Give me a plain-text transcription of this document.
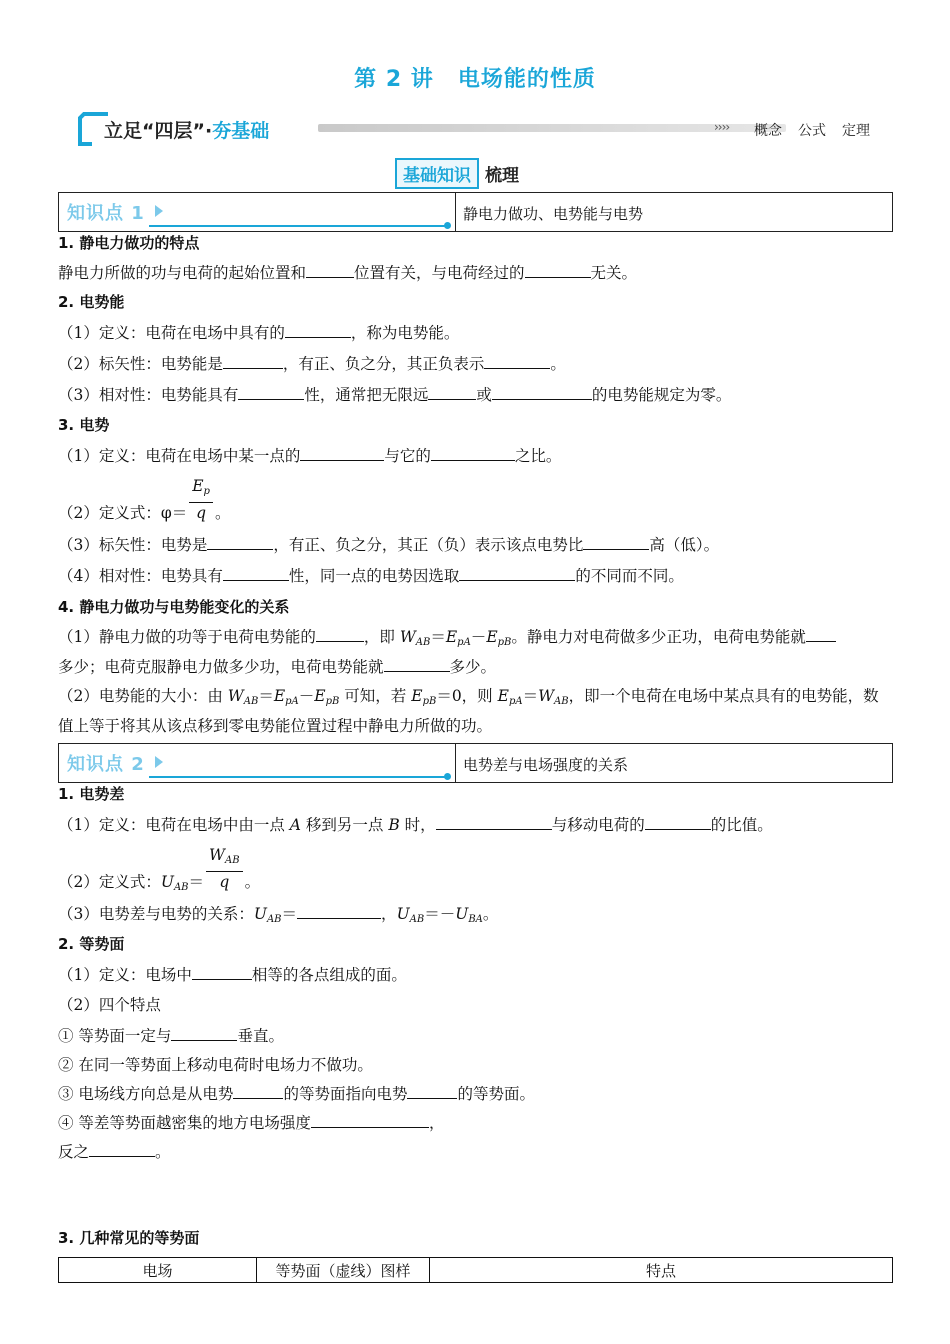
第 2 讲 电场能的性质
立足“四层”·夯基础	›››› 概念 公式 定理
基础知识 梳理
知识点 1	静电力做功、电势能与电势
1. 静电力做功的特点
静电力所做的功与电荷的起始位置和	位置有关，与电荷经过的	无关。
2. 电势能
（1）定义：电荷在电场中具有的	，称为电势能。
（2）标矢性：电势能是	，有正、负之分，其正负表示	。
（3）相对性：电势能具有	性，通常把无限远	或	的电势能规定为零。
3. 电势
（1）定义：电荷在电场中某一点的	与它的	之比。
（2）定义式：$\varphi= \frac{E_p}{q}$ 。
（3）标矢性：电势是	，有正、负之分，其正（负）表示该点电势比	高（低）。
（4）相对性：电势具有	性，同一点的电势因选取	的不同而不同。
4. 静电力做功与电势能变化的关系
（1）静电力做的功等于电荷电势能的	，即 $W_{AB}=E_{pA}-E_{pB}$。静电力对电荷做多少正功，电荷电势能就
多少；电荷克服静电力做多少功，电荷电势能就	多少。
（2）电势能的大小：由 $W_{AB}=E_{pA}-E_{pB}$ 可知，若 $E_{pB}=0$，则 $E_{pA}=W_{AB}$，即一个电荷在电场中某点具有的电势能，数
值上等于将其从该点移到零电势能位置过程中静电力所做的功。
知识点 2	电势差与电场强度的关系
1. 电势差
（1）定义：电荷在电场中由一点 A 移到另一点 B 时，	与移动电荷的	的比值。
（2）定义式：$U_{AB}= \frac{W_{AB}}{q}$ 。
（3）电势差与电势的关系：$U_{AB}=$	，$U_{AB}=-U_{BA}$。
2. 等势面
（1）定义：电场中	相等的各点组成的面。
（2）四个特点
① 等势面一定与	垂直。
② 在同一等势面上移动电荷时电场力不做功。
③ 电场线方向总是从电势	的等势面指向电势	的等势面。
④ 等差等势面越密集的地方电场强度	，
反之	。
3. 几种常见的等势面
电场	等势面（虚线）图样	特点
